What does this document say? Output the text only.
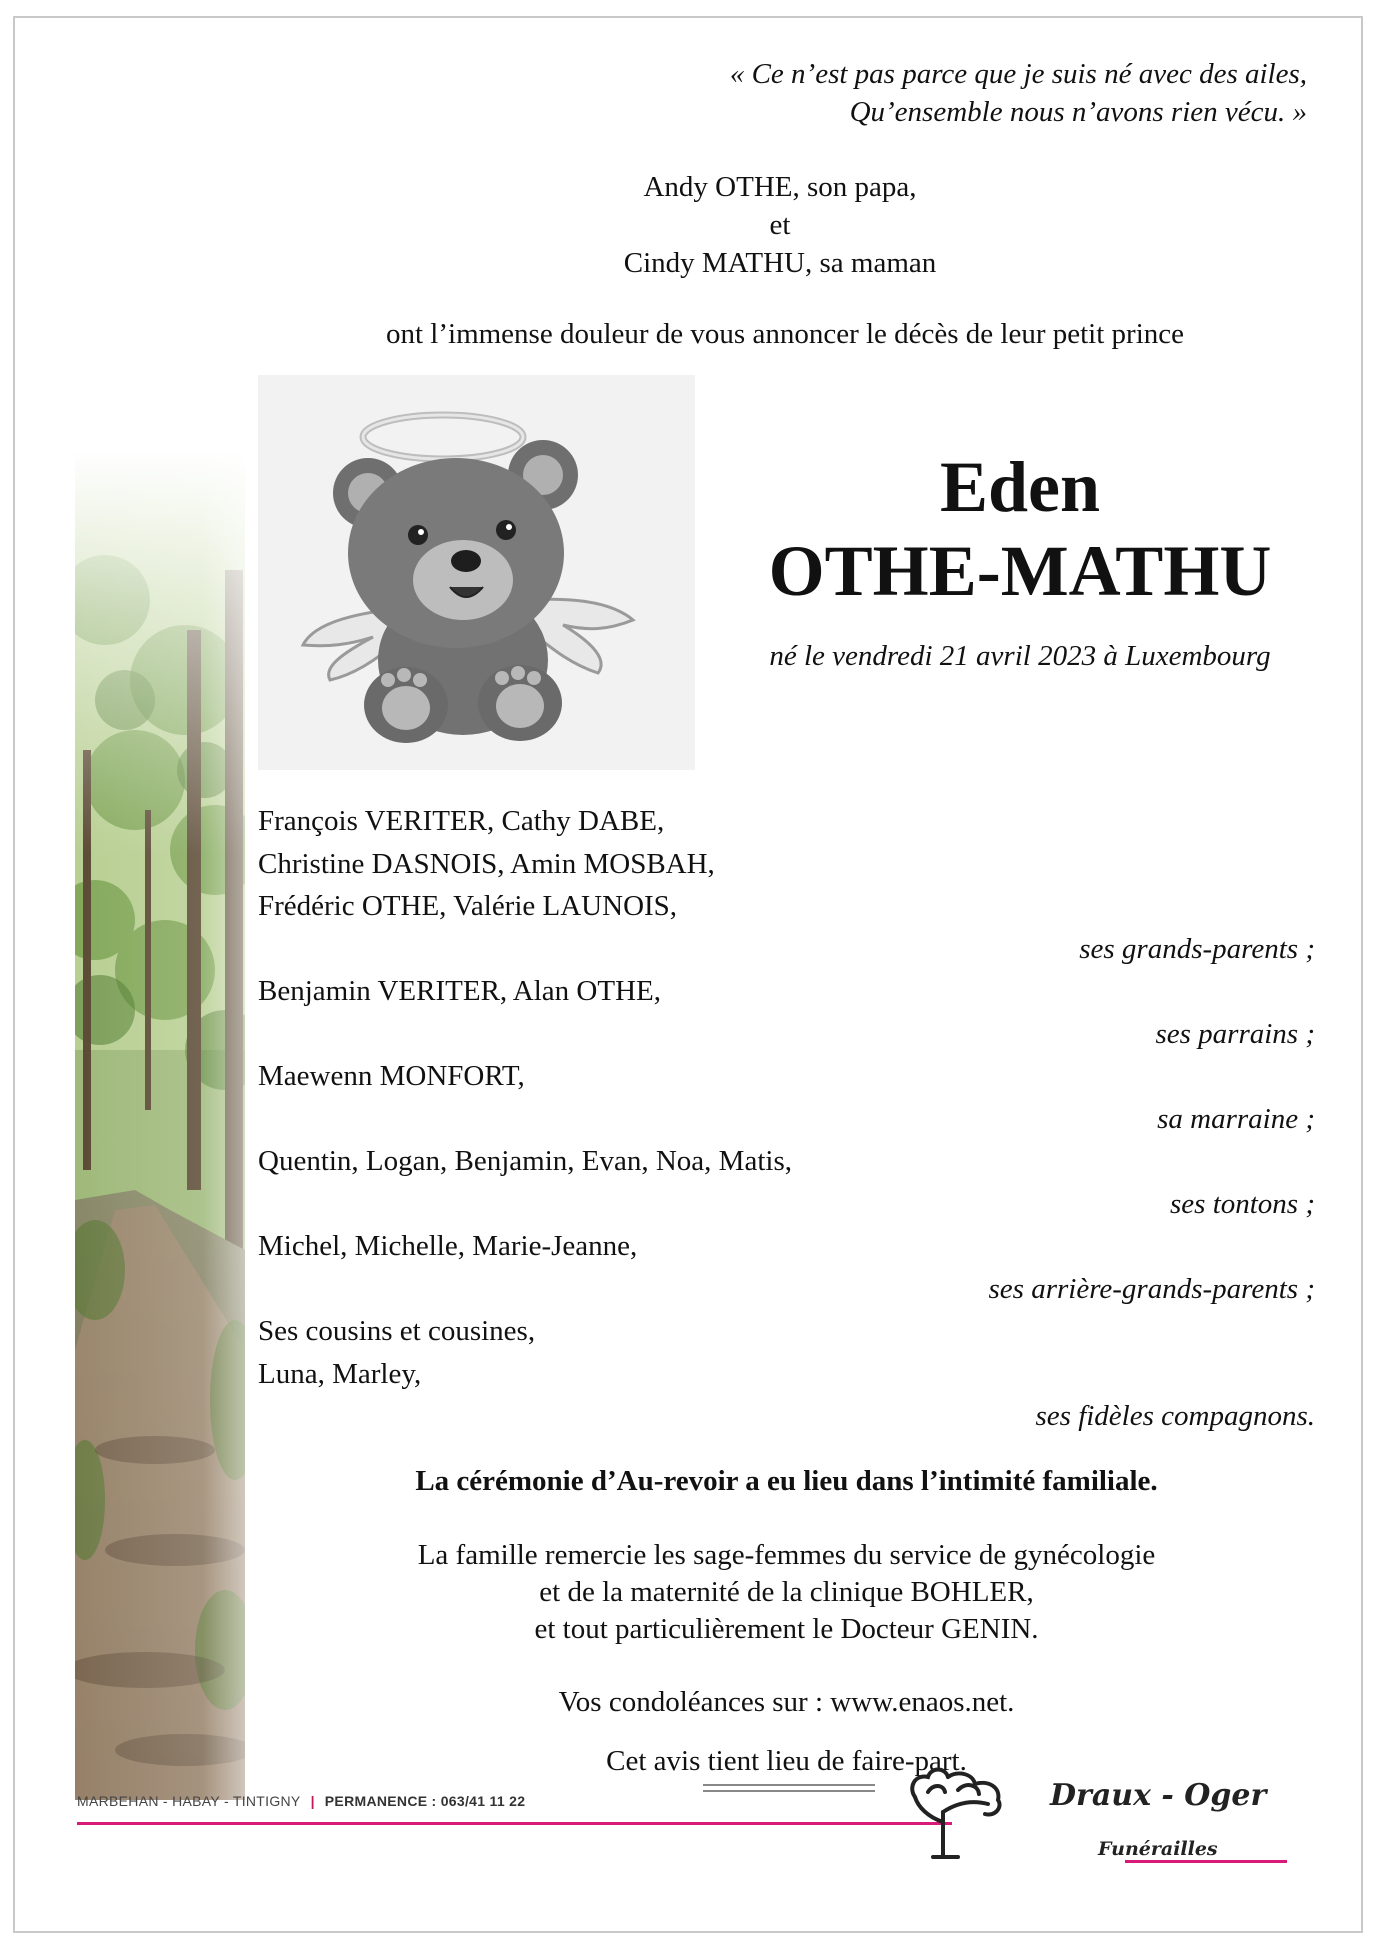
« Ce n’est pas parce que je suis né avec des ailes,
Qu’ensemble nous n’avons rien vécu. »
Andy OTHE, son papa,
et
Cindy MATHU, sa maman
ont l’immense douleur de vous annoncer le décès de leur petit prince
Eden
OTHE-MATHU
né le vendredi 21 avril 2023 à Luxembourg
François VERITER, Cathy DABE,
Christine DASNOIS, Amin MOSBAH,
Frédéric OTHE, Valérie LAUNOIS,
ses grands-parents ;
Benjamin VERITER, Alan OTHE,
ses parrains ;
Maewenn MONFORT,
sa marraine ;
Quentin, Logan, Benjamin, Evan, Noa, Matis,
ses tontons ;
Michel, Michelle, Marie-Jeanne,
ses arrière-grands-parents ;
Ses cousins et cousines,
Luna, Marley,
ses fidèles compagnons.
La cérémonie d’Au-revoir a eu lieu dans l’intimité familiale.
La famille remercie les sage-femmes du service de gynécologie
et de la maternité de la clinique BOHLER,
et tout particulièrement le Docteur GENIN.
Vos condoléances sur : www.enaos.net.
Cet avis tient lieu de faire-part.
MARBEHAN - HABAY - TINTIGNY | PERMANENCE : 063/41 11 22	Draux - Oger
Funérailles
